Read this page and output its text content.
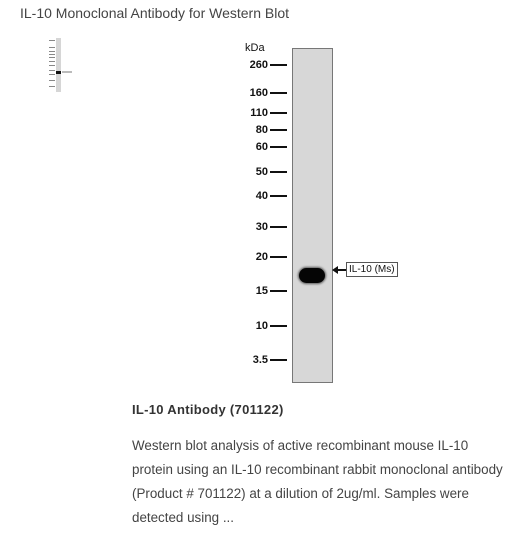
IL-10 Monoclonal Antibody for Western Blot
kDa
260
160
110
80
60
50
40
30
20
15
10
3.5
IL-10 (Ms)
IL-10 Antibody (701122)
Western blot analysis of active recombinant mouse IL-10 protein using an IL-10 recombinant rabbit monoclonal antibody (Product # 701122) at a dilution of 2ug/ml. Samples were detected using ...
